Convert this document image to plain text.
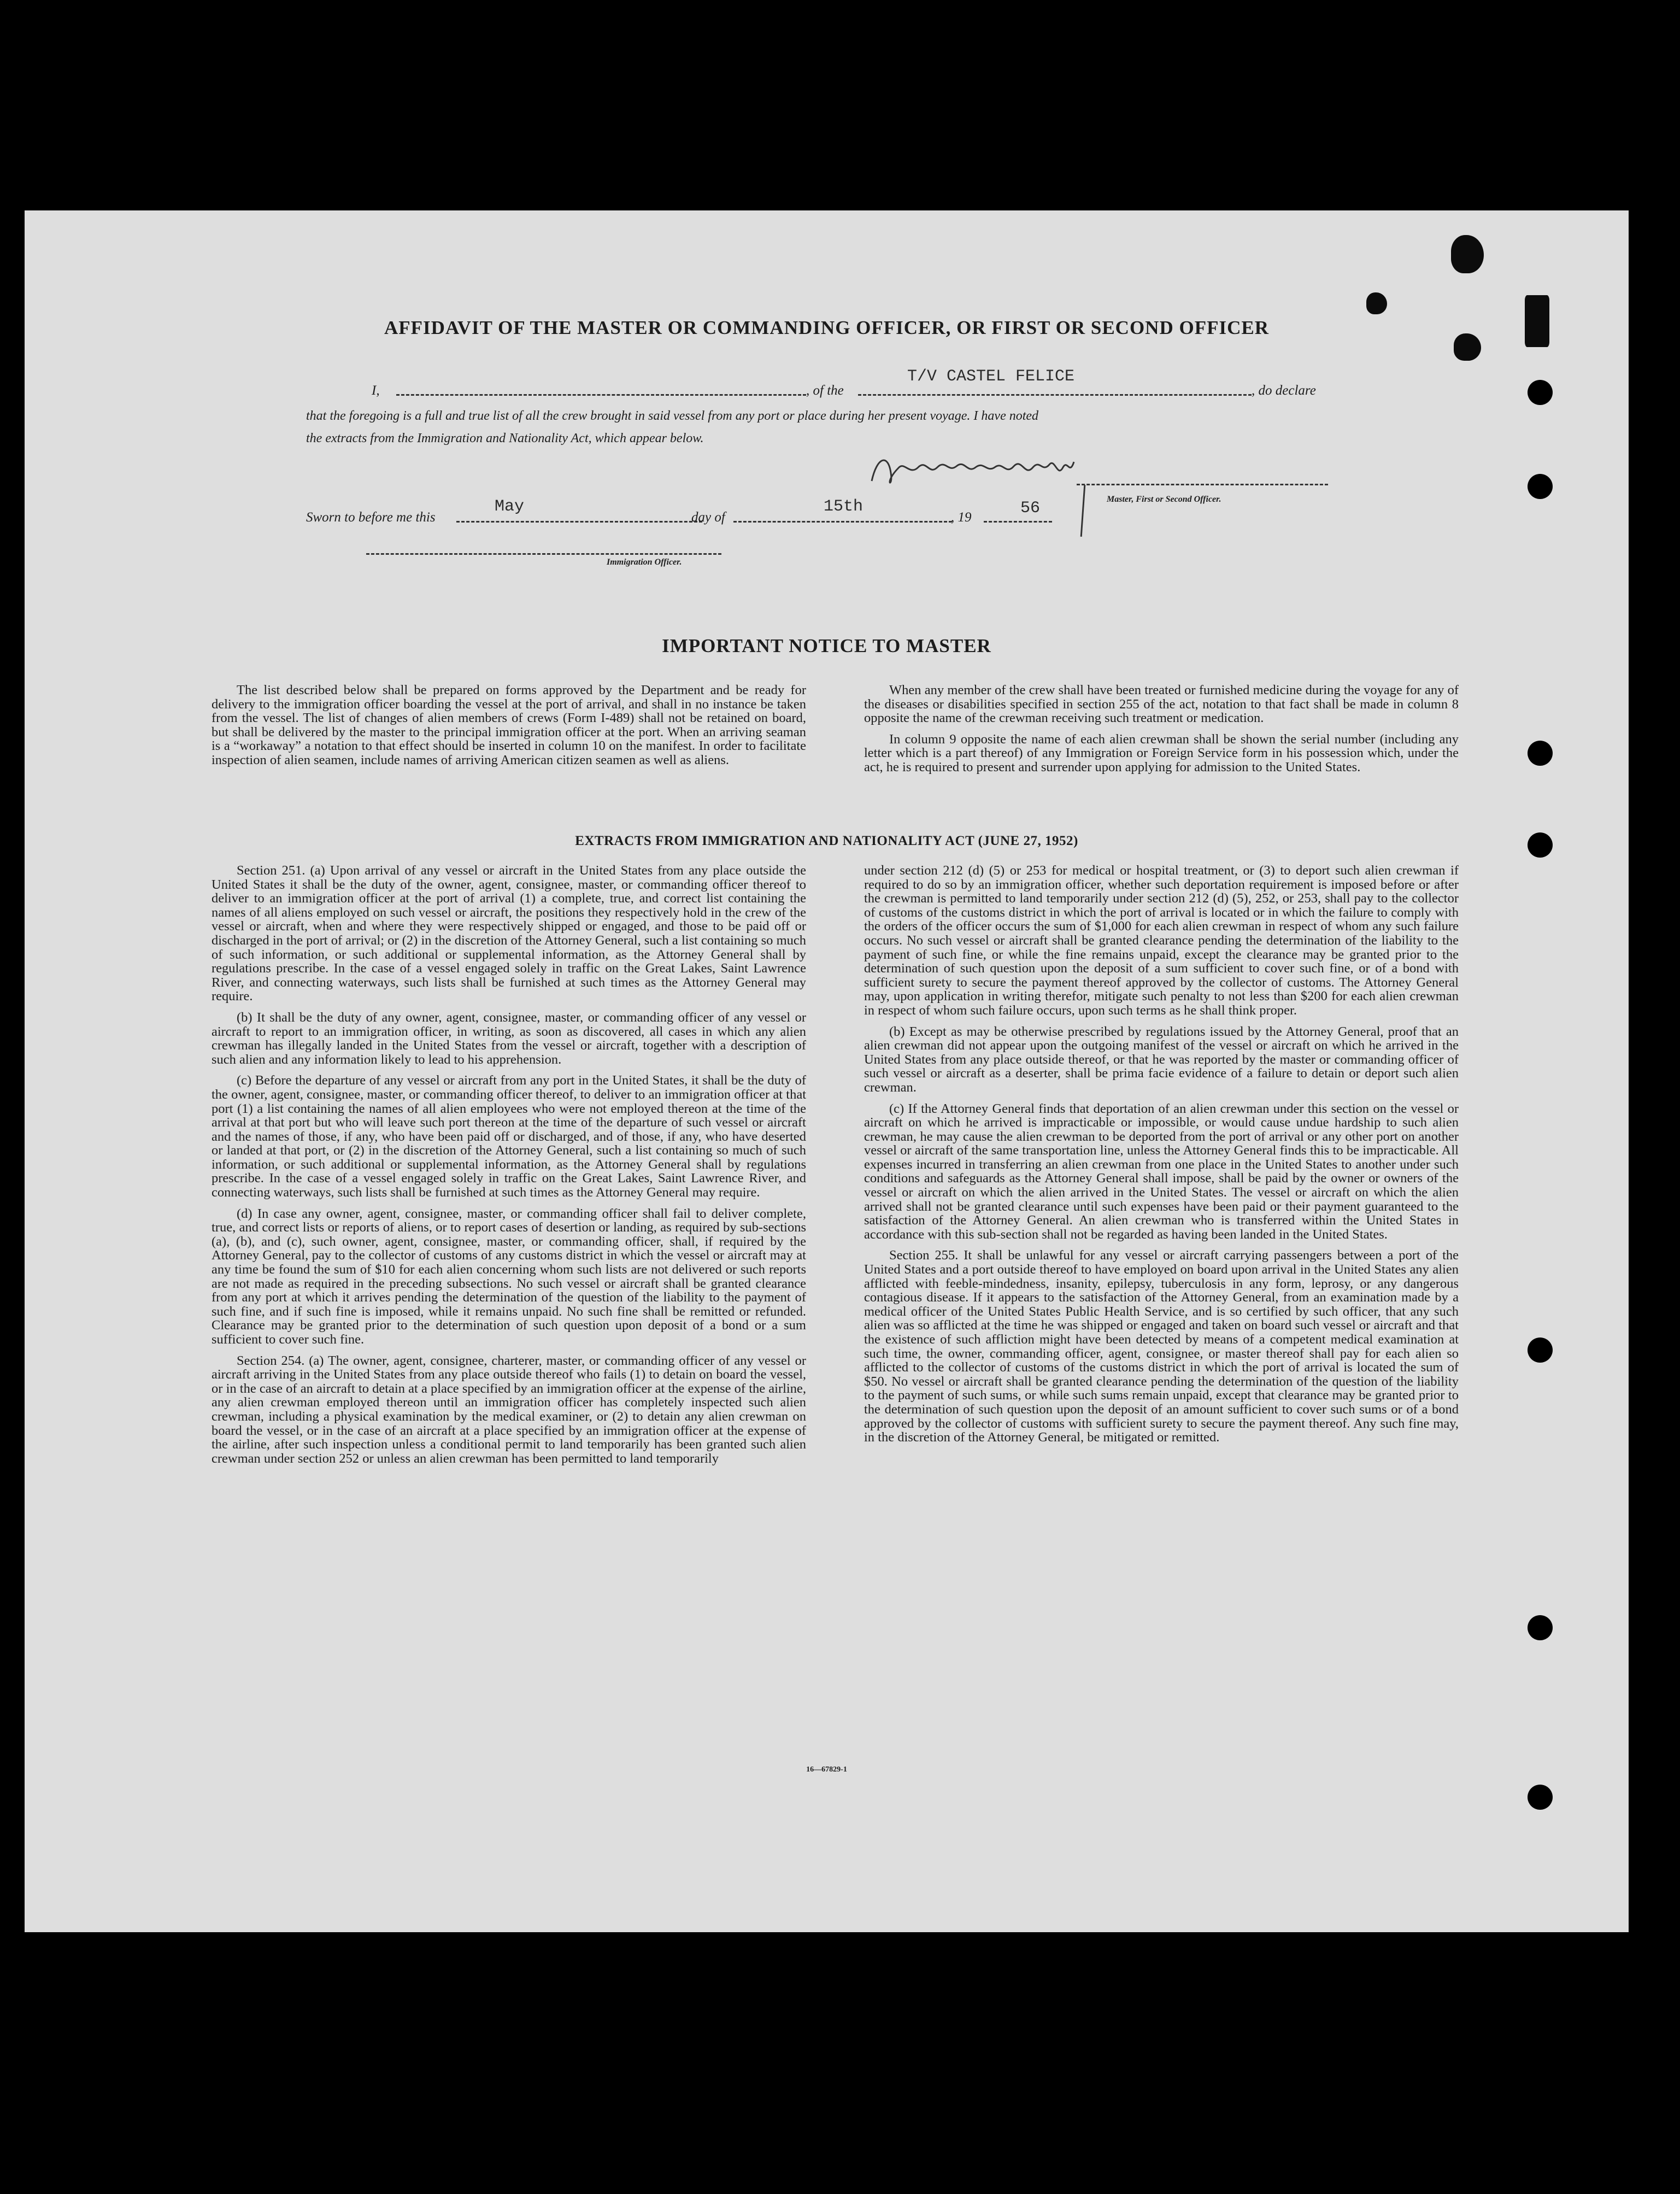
AFFIDAVIT OF THE MASTER OR COMMANDING OFFICER, OR FIRST OR SECOND OFFICER
I,	, of the
T/V CASTEL FELICE
, do declare
that the foregoing is a full and true list of all the crew brought in said vessel from any port or place during her present voyage. I have noted
the extracts from the Immigration and Nationality Act, which appear below.
Master, First or Second Officer.
Sworn to before me this
May
day of
15th
, 19	56
Immigration Officer.
IMPORTANT NOTICE TO MASTER

The list described below shall be prepared on forms approved by the Department and be ready for delivery to the immigration officer boarding the vessel at the port of arrival, and shall in no instance be taken from the vessel. The list of changes of alien members of crews (Form I-489) shall not be retained on board, but shall be delivered by the master to the principal immigration officer at the port. When an arriving seaman is a “workaway” a notation to that effect should be inserted in column 10 on the manifest. In order to facilitate inspection of alien seamen, include names of arriving American citizen seamen as well as aliens.

When any member of the crew shall have been treated or furnished medicine during the voyage for any of the diseases or disabilities specified in section 255 of the act, notation to that fact shall be made in column 8 opposite the name of the crewman receiving such treatment or medication.

In column 9 opposite the name of each alien crewman shall be shown the serial number (including any letter which is a part thereof) of any Immigration or Foreign Service form in his possession which, under the act, he is required to present and surrender upon applying for admission to the United States.

EXTRACTS FROM IMMIGRATION AND NATIONALITY ACT (JUNE 27, 1952)

Section 251. (a) Upon arrival of any vessel or aircraft in the United States from any place outside the United States it shall be the duty of the owner, agent, consignee, master, or commanding officer thereof to deliver to an immigration officer at the port of arrival (1) a complete, true, and correct list containing the names of all aliens employed on such vessel or aircraft, the positions they respectively hold in the crew of the vessel or aircraft, when and where they were respectively shipped or engaged, and those to be paid off or discharged in the port of arrival; or (2) in the discretion of the Attorney General, such a list containing so much of such information, or such additional or supplemental information, as the Attorney General shall by regulations prescribe. In the case of a vessel engaged solely in traffic on the Great Lakes, Saint Lawrence River, and connecting waterways, such lists shall be furnished at such times as the Attorney General may require.

(b) It shall be the duty of any owner, agent, consignee, master, or commanding officer of any vessel or aircraft to report to an immigration officer, in writing, as soon as discovered, all cases in which any alien crewman has illegally landed in the United States from the vessel or aircraft, together with a description of such alien and any information likely to lead to his apprehension.

(c) Before the departure of any vessel or aircraft from any port in the United States, it shall be the duty of the owner, agent, consignee, master, or commanding officer thereof, to deliver to an immigration officer at that port (1) a list containing the names of all alien employees who were not employed thereon at the time of the arrival at that port but who will leave such port thereon at the time of the departure of such vessel or aircraft and the names of those, if any, who have been paid off or discharged, and of those, if any, who have deserted or landed at that port, or (2) in the discretion of the Attorney General, such a list containing so much of such information, or such additional or supplemental information, as the Attorney General shall by regulations prescribe. In the case of a vessel engaged solely in traffic on the Great Lakes, Saint Lawrence River, and connecting waterways, such lists shall be furnished at such times as the Attorney General may require.

(d) In case any owner, agent, consignee, master, or commanding officer shall fail to deliver complete, true, and correct lists or reports of aliens, or to report cases of desertion or landing, as required by sub-sections (a), (b), and (c), such owner, agent, consignee, master, or commanding officer, shall, if required by the Attorney General, pay to the collector of customs of any customs district in which the vessel or aircraft may at any time be found the sum of $10 for each alien concerning whom such lists are not delivered or such reports are not made as required in the preceding subsections. No such vessel or aircraft shall be granted clearance from any port at which it arrives pending the determination of the question of the liability to the payment of such fine, and if such fine is imposed, while it remains unpaid. No such fine shall be remitted or refunded. Clearance may be granted prior to the determination of such question upon deposit of a bond or a sum sufficient to cover such fine.

Section 254. (a) The owner, agent, consignee, charterer, master, or commanding officer of any vessel or aircraft arriving in the United States from any place outside thereof who fails (1) to detain on board the vessel, or in the case of an aircraft to detain at a place specified by an immigration officer at the expense of the airline, any alien crewman employed thereon until an immigration officer has completely inspected such alien crewman, including a physical examination by the medical examiner, or (2) to detain any alien crewman on board the vessel, or in the case of an aircraft at a place specified by an immigration officer at the expense of the airline, after such inspection unless a conditional permit to land temporarily has been granted such alien crewman under section 252 or unless an alien crewman has been permitted to land temporarily

under section 212 (d) (5) or 253 for medical or hospital treatment, or (3) to deport such alien crewman if required to do so by an immigration officer, whether such deportation requirement is imposed before or after the crewman is permitted to land temporarily under section 212 (d) (5), 252, or 253, shall pay to the collector of customs of the customs district in which the port of arrival is located or in which the failure to comply with the orders of the officer occurs the sum of $1,000 for each alien crewman in respect of whom any such failure occurs. No such vessel or aircraft shall be granted clearance pending the determination of the liability to the payment of such fine, or while the fine remains unpaid, except the clearance may be granted prior to the determination of such question upon the deposit of a sum sufficient to cover such fine, or of a bond with sufficient surety to secure the payment thereof approved by the collector of customs. The Attorney General may, upon application in writing therefor, mitigate such penalty to not less than $200 for each alien crewman in respect of whom such failure occurs, upon such terms as he shall think proper.

(b) Except as may be otherwise prescribed by regulations issued by the Attorney General, proof that an alien crewman did not appear upon the outgoing manifest of the vessel or aircraft on which he arrived in the United States from any place outside thereof, or that he was reported by the master or commanding officer of such vessel or aircraft as a deserter, shall be prima facie evidence of a failure to detain or deport such alien crewman.

(c) If the Attorney General finds that deportation of an alien crewman under this section on the vessel or aircraft on which he arrived is impracticable or impossible, or would cause undue hardship to such alien crewman, he may cause the alien crewman to be deported from the port of arrival or any other port on another vessel or aircraft of the same transportation line, unless the Attorney General finds this to be impracticable. All expenses incurred in transferring an alien crewman from one place in the United States to another under such conditions and safeguards as the Attorney General shall impose, shall be paid by the owner or owners of the vessel or aircraft on which the alien arrived in the United States. The vessel or aircraft on which the alien arrived shall not be granted clearance until such expenses have been paid or their payment guaranteed to the satisfaction of the Attorney General. An alien crewman who is transferred within the United States in accordance with this sub-section shall not be regarded as having been landed in the United States.

Section 255. It shall be unlawful for any vessel or aircraft carrying passengers between a port of the United States and a port outside thereof to have employed on board upon arrival in the United States any alien afflicted with feeble-mindedness, insanity, epilepsy, tuberculosis in any form, leprosy, or any dangerous contagious disease. If it appears to the satisfaction of the Attorney General, from an examination made by a medical officer of the United States Public Health Service, and is so certified by such officer, that any such alien was so afflicted at the time he was shipped or engaged and taken on board such vessel or aircraft and that the existence of such affliction might have been detected by means of a competent medical examination at such time, the owner, commanding officer, agent, consignee, or master thereof shall pay for each alien so afflicted to the collector of customs of the customs district in which the port of arrival is located the sum of $50. No vessel or aircraft shall be granted clearance pending the determination of the question of the liability to the payment of such sums, or while such sums remain unpaid, except that clearance may be granted prior to the determination of such question upon the deposit of an amount sufficient to cover such sums or of a bond approved by the collector of customs with sufficient surety to secure the payment thereof. Any such fine may, in the discretion of the Attorney General, be mitigated or remitted.

16—67829-1
